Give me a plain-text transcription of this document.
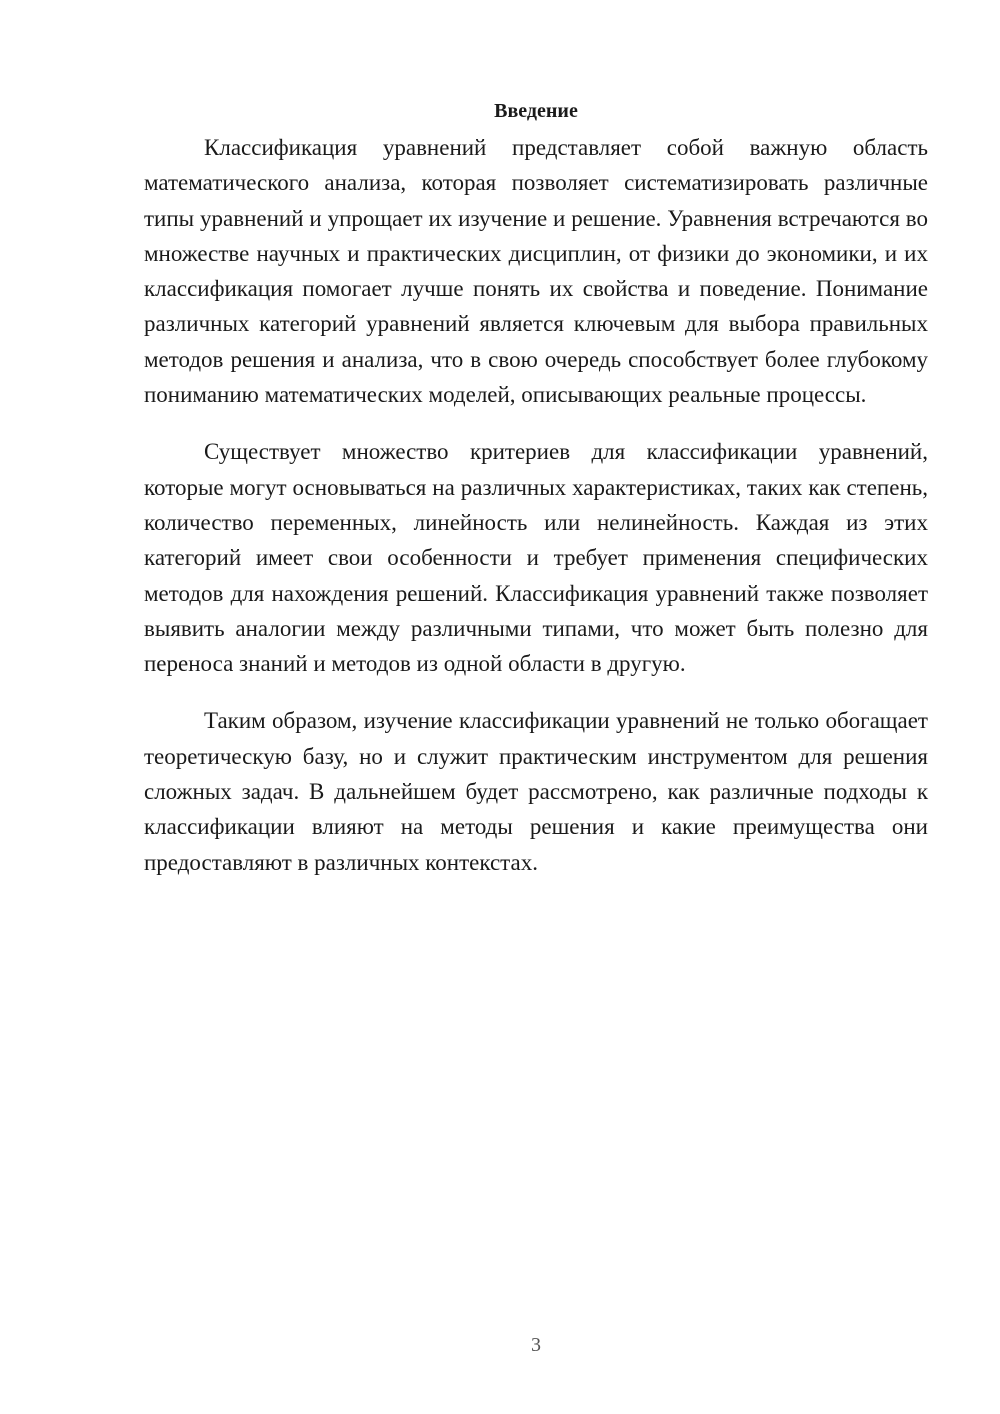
Введение

Классификация уравнений представляет собой важную область математического анализа, которая позволяет систематизировать различные типы уравнений и упрощает их изучение и решение. Уравнения встречаются во множестве научных и практических дисциплин, от физики до экономики, и их классификация помогает лучше понять их свойства и поведение. Понимание различных категорий уравнений является ключевым для выбора правильных методов решения и анализа, что в свою очередь способствует более глубокому пониманию математических моделей, описывающих реальные процессы.

Существует множество критериев для классификации уравнений, которые могут основываться на различных характеристиках, таких как степень, количество переменных, линейность или нелинейность. Каждая из этих категорий имеет свои особенности и требует применения специфических методов для нахождения решений. Классификация уравнений также позволяет выявить аналогии между различными типами, что может быть полезно для переноса знаний и методов из одной области в другую.

Таким образом, изучение классификации уравнений не только обогащает теоретическую базу, но и служит практическим инструментом для решения сложных задач. В дальнейшем будет рассмотрено, как различные подходы к классификации влияют на методы решения и какие преимущества они предоставляют в различных контекстах.

3
